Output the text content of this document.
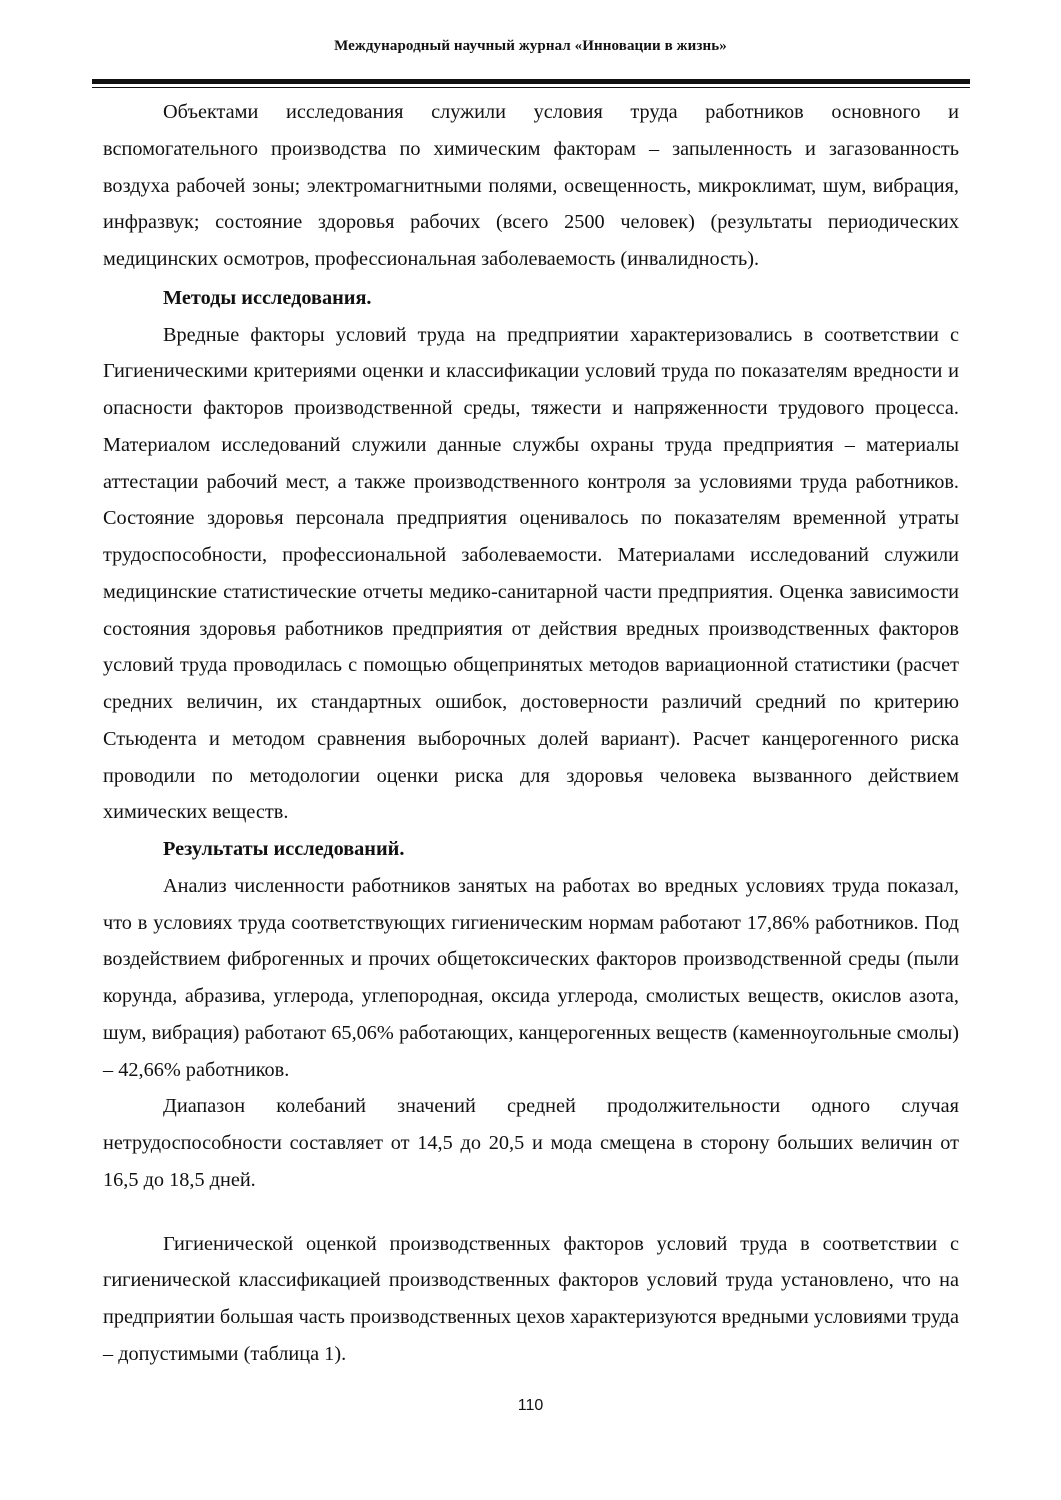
Международный научный журнал «Инновации в жизнь»

Объектами исследования служили условия труда работников основного и вспомогательного производства по химическим факторам – запыленность и загазованность воздуха рабочей зоны; электромагнитными полями, освещенность, микроклимат, шум, вибрация, инфразвук; состояние здоровья рабочих (всего 2500 человек) (результаты периодических медицинских осмотров, профессиональная заболеваемость (инвалидность).

Методы исследования.

Вредные факторы условий труда на предприятии характеризовались в соответствии с Гигиеническими критериями оценки и классификации условий труда по показателям вредности и опасности факторов производственной среды, тяжести и напряженности трудового процесса. Материалом исследований служили данные службы охраны труда предприятия – материалы аттестации рабочий мест, а также производственного контроля за условиями труда работников. Состояние здоровья персонала предприятия оценивалось по показателям временной утраты трудоспособности, профессиональной заболеваемости. Материалами исследований служили медицинские статистические отчеты медико-санитарной части предприятия. Оценка зависимости состояния здоровья работников предприятия от действия вредных производственных факторов условий труда проводилась с помощью общепринятых методов вариационной статистики (расчет средних величин, их стандартных ошибок, достоверности различий средний по критерию Стьюдента и методом сравнения выборочных долей вариант). Расчет канцерогенного риска проводили по методологии оценки риска для здоровья человека вызванного действием химических веществ.

Результаты исследований.

Анализ численности работников занятых на работах во вредных условиях труда показал, что в условиях труда соответствующих гигиеническим нормам работают 17,86% работников. Под воздействием фиброгенных и прочих общетоксических факторов производственной среды (пыли корунда, абразива, углерода, углепородная, оксида углерода, смолистых веществ, окислов азота, шум, вибрация) работают 65,06% работающих, канцерогенных веществ (каменноугольные смолы) – 42,66% работников.

Диапазон колебаний значений средней продолжительности одного случая нетрудоспособности составляет от 14,5 до 20,5 и мода смещена в сторону больших величин от 16,5 до 18,5 дней.

Гигиенической оценкой производственных факторов условий труда в соответствии с гигиенической классификацией производственных факторов условий труда установлено, что на предприятии большая часть производственных цехов характеризуются вредными условиями труда – допустимыми (таблица 1).

110
